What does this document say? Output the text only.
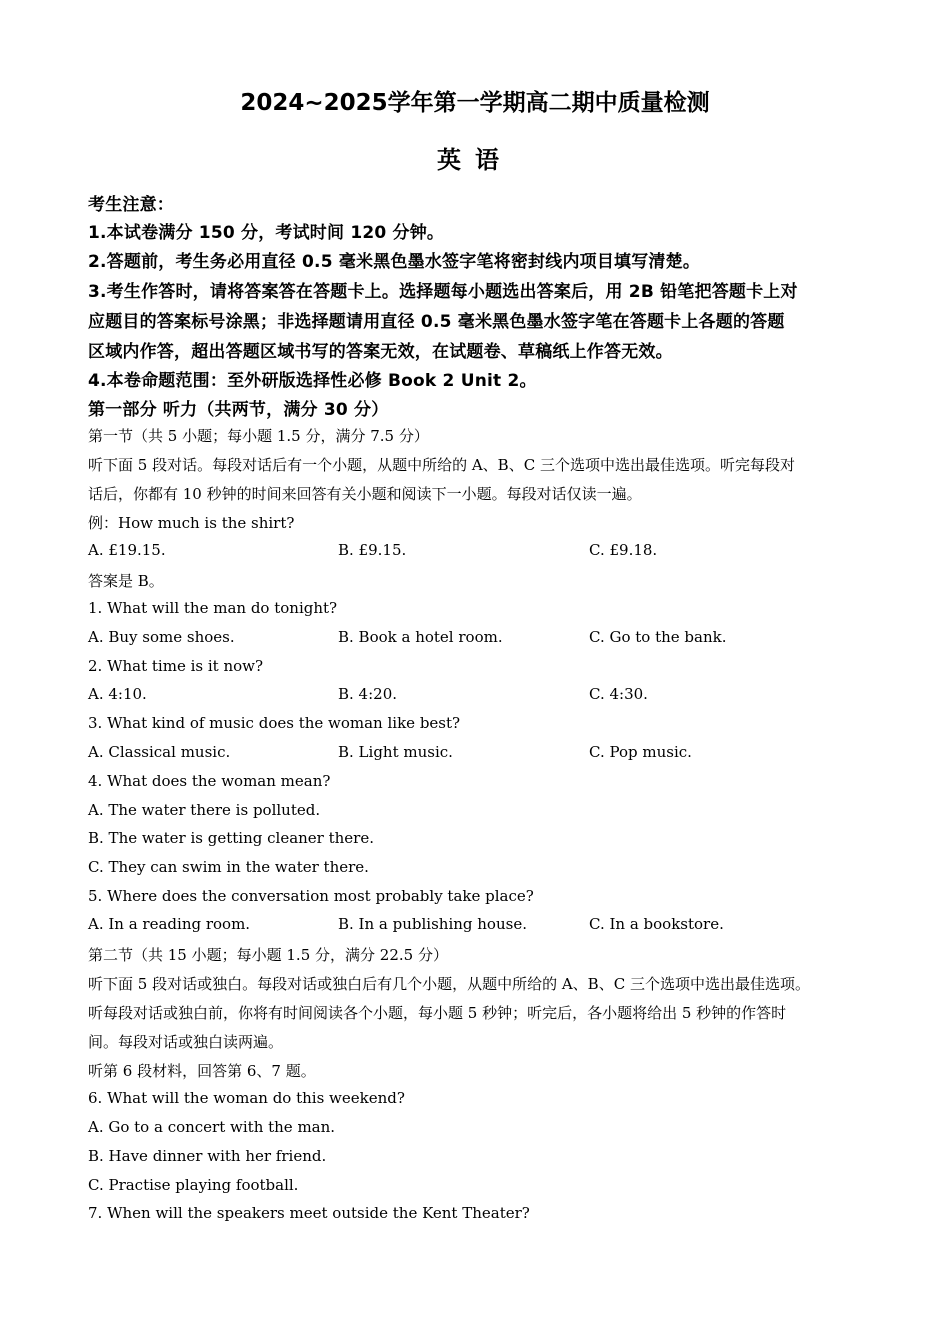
2024~2025学年第一学期高二期中质量检测
英语
考生注意：
1.本试卷满分 150 分，考试时间 120 分钟。
2.答题前，考生务必用直径 0.5 毫米黑色墨水签字笔将密封线内项目填写清楚。
3.考生作答时，请将答案答在答题卡上。选择题每小题选出答案后，用 2B 铅笔把答题卡上对
应题目的答案标号涂黑；非选择题请用直径 0.5 毫米黑色墨水签字笔在答题卡上各题的答题
区域内作答，超出答题区域书写的答案无效，在试题卷、草稿纸上作答无效。
4.本卷命题范围：至外研版选择性必修 Book 2 Unit 2。
第一部分 听力（共两节，满分 30 分）
第一节（共 5 小题；每小题 1.5 分，满分 7.5 分）
听下面 5 段对话。每段对话后有一个小题，从题中所给的 A、B、C 三个选项中选出最佳选项。听完每段对
话后，你都有 10 秒钟的时间来回答有关小题和阅读下一小题。每段对话仅读一遍。
例：How much is the shirt?
A. £19.15.	B. £9.15.	C. £9.18.
答案是 B。
1. What will the man do tonight?
A. Buy some shoes.	B. Book a hotel room.	C. Go to the bank.
2. What time is it now?
A. 4:10.	B. 4:20.	C. 4:30.
3. What kind of music does the woman like best?
A. Classical music.	B. Light music.	C. Pop music.
4. What does the woman mean?
A. The water there is polluted.
B. The water is getting cleaner there.
C. They can swim in the water there.
5. Where does the conversation most probably take place?
A. In a reading room.	B. In a publishing house.	C. In a bookstore.
第二节（共 15 小题；每小题 1.5 分，满分 22.5 分）
听下面 5 段对话或独白。每段对话或独白后有几个小题，从题中所给的 A、B、C 三个选项中选出最佳选项。
听每段对话或独白前，你将有时间阅读各个小题，每小题 5 秒钟；听完后，各小题将给出 5 秒钟的作答时
间。每段对话或独白读两遍。
听第 6 段材料，回答第 6、7 题。
6. What will the woman do this weekend?
A. Go to a concert with the man.
B. Have dinner with her friend.
C. Practise playing football.
7. When will the speakers meet outside the Kent Theater?
